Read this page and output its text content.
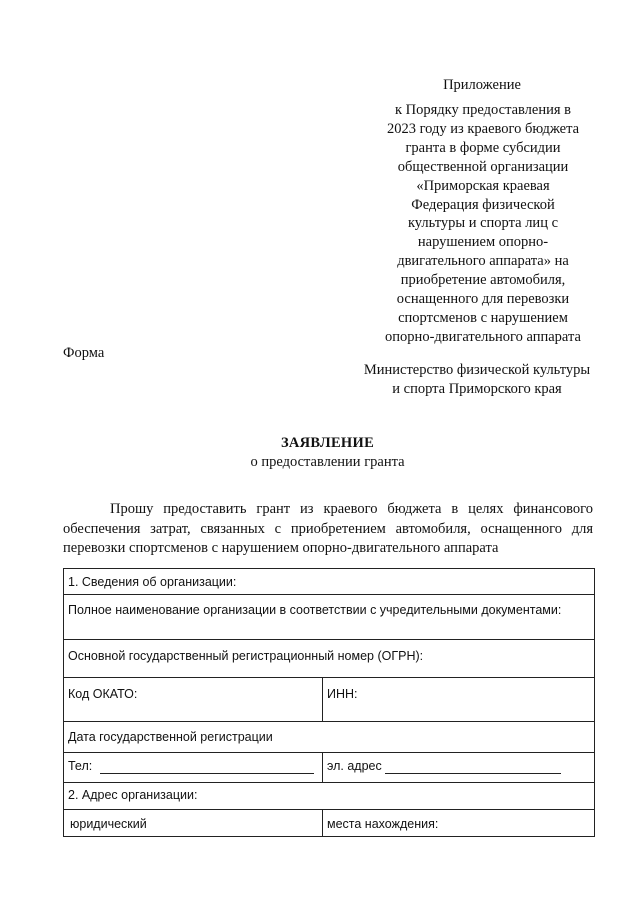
Приложение
к Порядку предоставления в
2023 году из краевого бюджета
гранта в форме субсидии
общественной организации
«Приморская краевая
Федерация физической
культуры и спорта лиц с
нарушением опорно-
двигательного аппарата» на
приобретение автомобиля,
оснащенного для перевозки
спортсменов с нарушением
опорно-двигательного аппарата
Форма
Министерство физической культуры
и спорта Приморского края
ЗАЯВЛЕНИЕ
о предоставлении гранта
Прошу предоставить грант из краевого бюджета в целях финансового
обеспечения затрат, связанных с приобретением автомобиля, оснащенного для
перевозки спортсменов с нарушением опорно-двигательного аппарата
1. Сведения об организации:
Полное наименование организации в соответствии с учредительными документами:
Основной государственный регистрационный номер (ОГРН):
Код ОКАТО:	ИНН:
Дата государственной регистрации
Тел:	эл. адрес
2. Адрес организации:
юридический	места нахождения:
